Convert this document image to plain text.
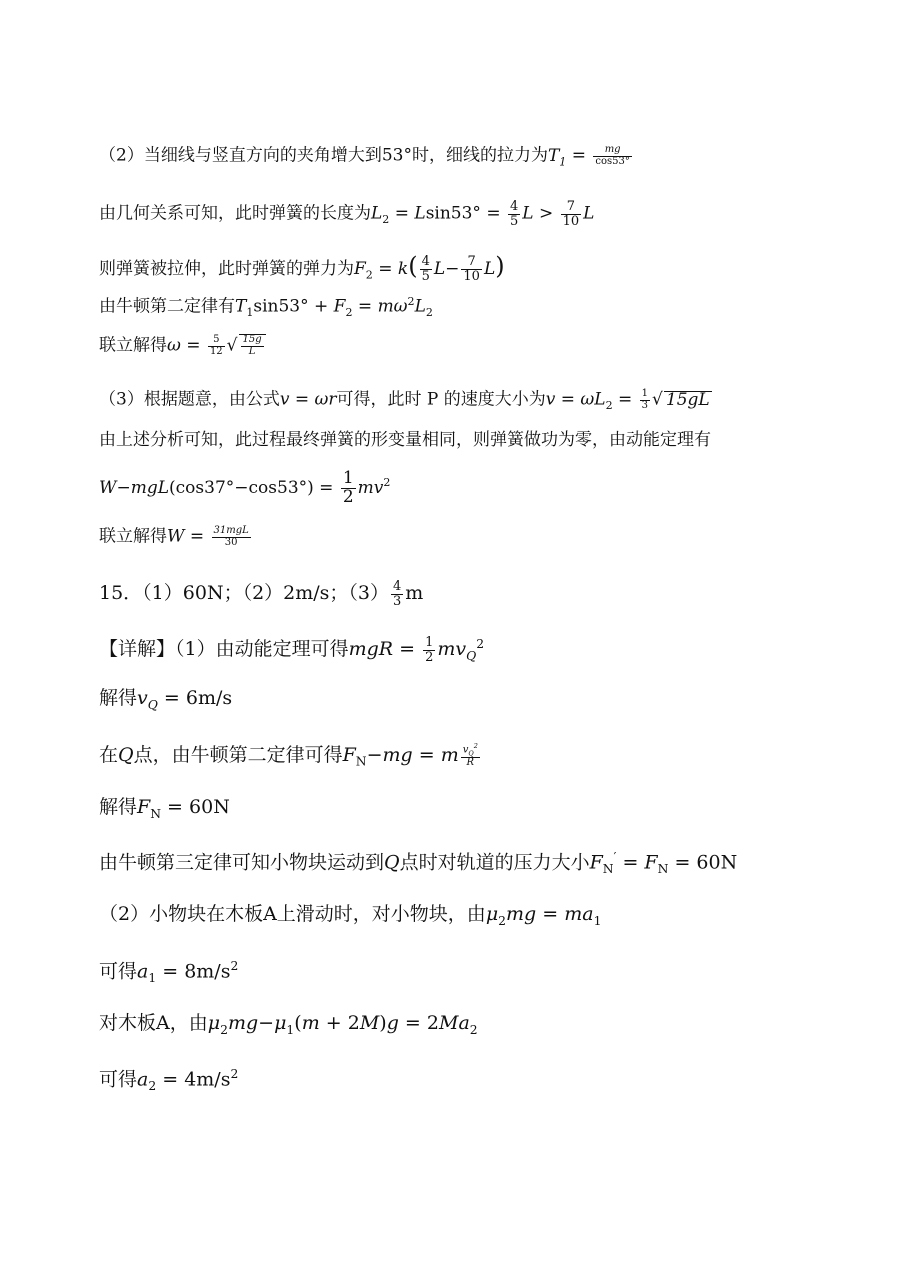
（2）当细线与竖直方向的夹角增大到53°时，细线的拉力为$T_1 = \frac{mg}{\cos 53^\circ}$
由几何关系可知，此时弹簧的长度为$L_2 = Lsin53^\circ = \frac{4}{5}$ $L > \frac{7}{10}$ L
则弹簧被拉伸，此时弹簧的弹力为$F_2 = k( \frac{4}{5} L- \frac{7}{10} L)$
由牛顿第二定律有$T_1\sin 53^\circ + F_2 = m\omega^2L_2$
联立解得$\omega = \frac{5}{12}$ √ $\frac{15g}{L}$
（3）根据题意，由公式v = ωr可得，此时 P 的速度大小为$v = \omega L_2 = \frac{1}{3}$ √ 15gL
由上述分析可知，此过程最终弹簧的形变量相同，则弹簧做功为零，由动能定理有
$W-mgL(\cos 37^\circ-\cos 53^\circ) = \frac{1}{2} mv^2$
联立解得$W = \frac{\text{31mgL}}{30}$
15．（1）60N；（2）2m/s；$(3) \frac{4}{3}$ m
【详解】（1）由动能定理可得mgR = $\frac{1}{2} mv_Q^2$
解得$v_Q = 6m/s$
在Q点，由牛顿第二定律可得$F_N-mg = m \frac{v_Q^2}{R}$
解得$F_N = 60N$
由牛顿第三定律可知小物块运动到Q点时对轨道的压力大小$F_N' = F_N = 60N$
（2）小物块在木板A上滑动时，对小物块，由$\mu_2mg = ma_1$
可得$a_1 = 8m/s^2$
对木板A，由$\mu_2mg-\mu_1(m + 2M)g = 2Ma_2$
可得$a_2 = 4m/s^2$
